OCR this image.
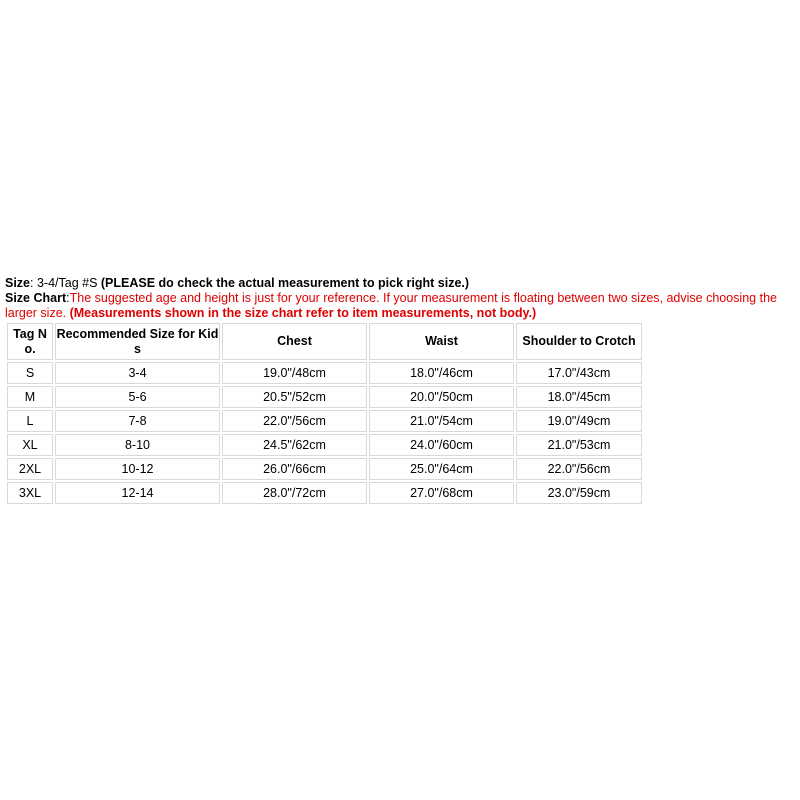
Size: 3-4/Tag #S (PLEASE do check the actual measurement to pick right size.)
Size Chart:The suggested age and height is just for your reference. If your measurement is floating between two sizes, advise choosing the larger size. (Measurements shown in the size chart refer to item measurements, not body.)
Tag No.	Recommended Size for Kids	Chest	Waist	Shoulder to Crotch
S	3-4	19.0"/48cm	18.0"/46cm	17.0"/43cm
M	5-6	20.5"/52cm	20.0"/50cm	18.0"/45cm
L	7-8	22.0"/56cm	21.0"/54cm	19.0"/49cm
XL	8-10	24.5"/62cm	24.0"/60cm	21.0"/53cm
2XL	10-12	26.0"/66cm	25.0"/64cm	22.0"/56cm
3XL	12-14	28.0"/72cm	27.0"/68cm	23.0"/59cm
